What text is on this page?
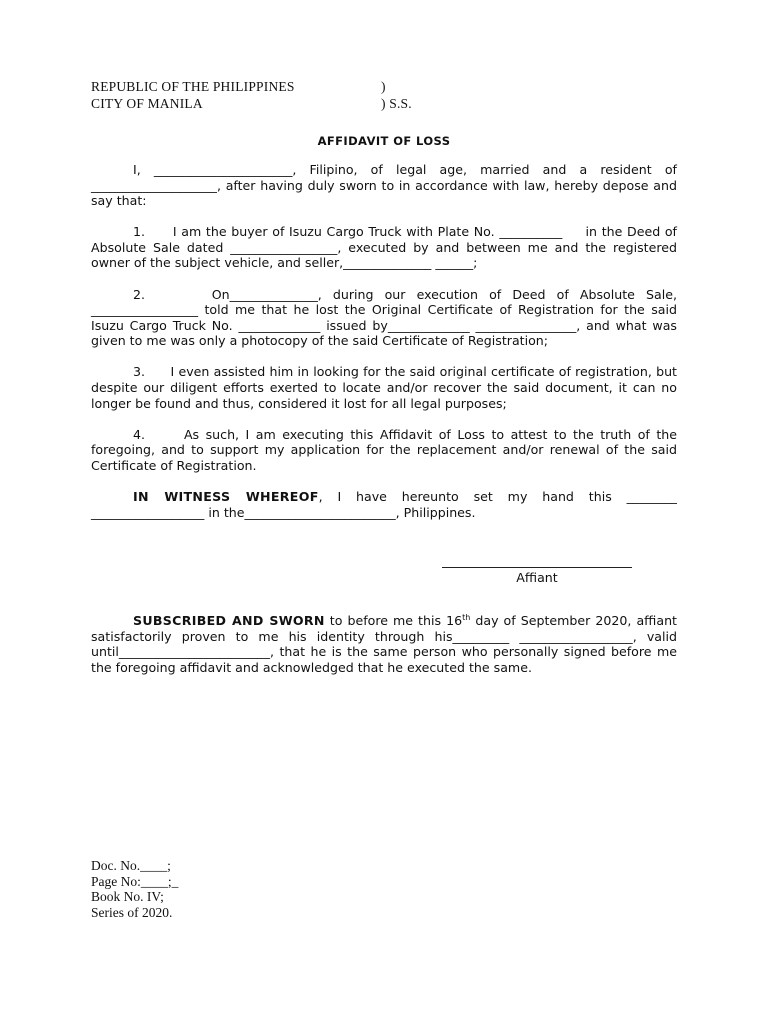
REPUBLIC OF THE PHILIPPINES	)
CITY OF MANILA	) S.S.
AFFIDAVIT OF LOSS

I, ______________________, Filipino, of legal age, married and a resident of ____________________, after having duly sworn to in accordance with law, hereby depose and say that:

1.      I am the buyer of Isuzu Cargo Truck with Plate No. __________     in the Deed of Absolute Sale dated _________________, executed by and between me and the registered owner of the subject vehicle, and seller,______________ ______;

2.      On______________, during our execution of Deed of Absolute Sale, _________________ told me that he lost the Original Certificate of Registration for the said Isuzu Cargo Truck No. _____________ issued by_____________ ________________, and what was given to me was only a photocopy of the said Certificate of Registration;

3.      I even assisted him in looking for the said original certificate of registration, but despite our diligent efforts exerted to locate and/or recover the said document, it can no longer be found and thus, considered it lost for all legal purposes;

4.      As such, I am executing this Affidavit of Loss to attest to the truth of the foregoing, and to support my application for the replacement and/or renewal of the said Certificate of Registration.

IN WITNESS WHEREOF, I have hereunto set my hand this ________ __________________ in the________________________, Philippines.

Affiant

SUBSCRIBED AND SWORN to before me this 16th day of September 2020, affiant satisfactorily proven to me his identity through his_________ __________________, valid until________________________, that he is the same person who personally signed before me the foregoing affidavit and acknowledged that he executed the same.

Doc. No.____;
Page No:____;_
Book No. IV;
Series of 2020.
